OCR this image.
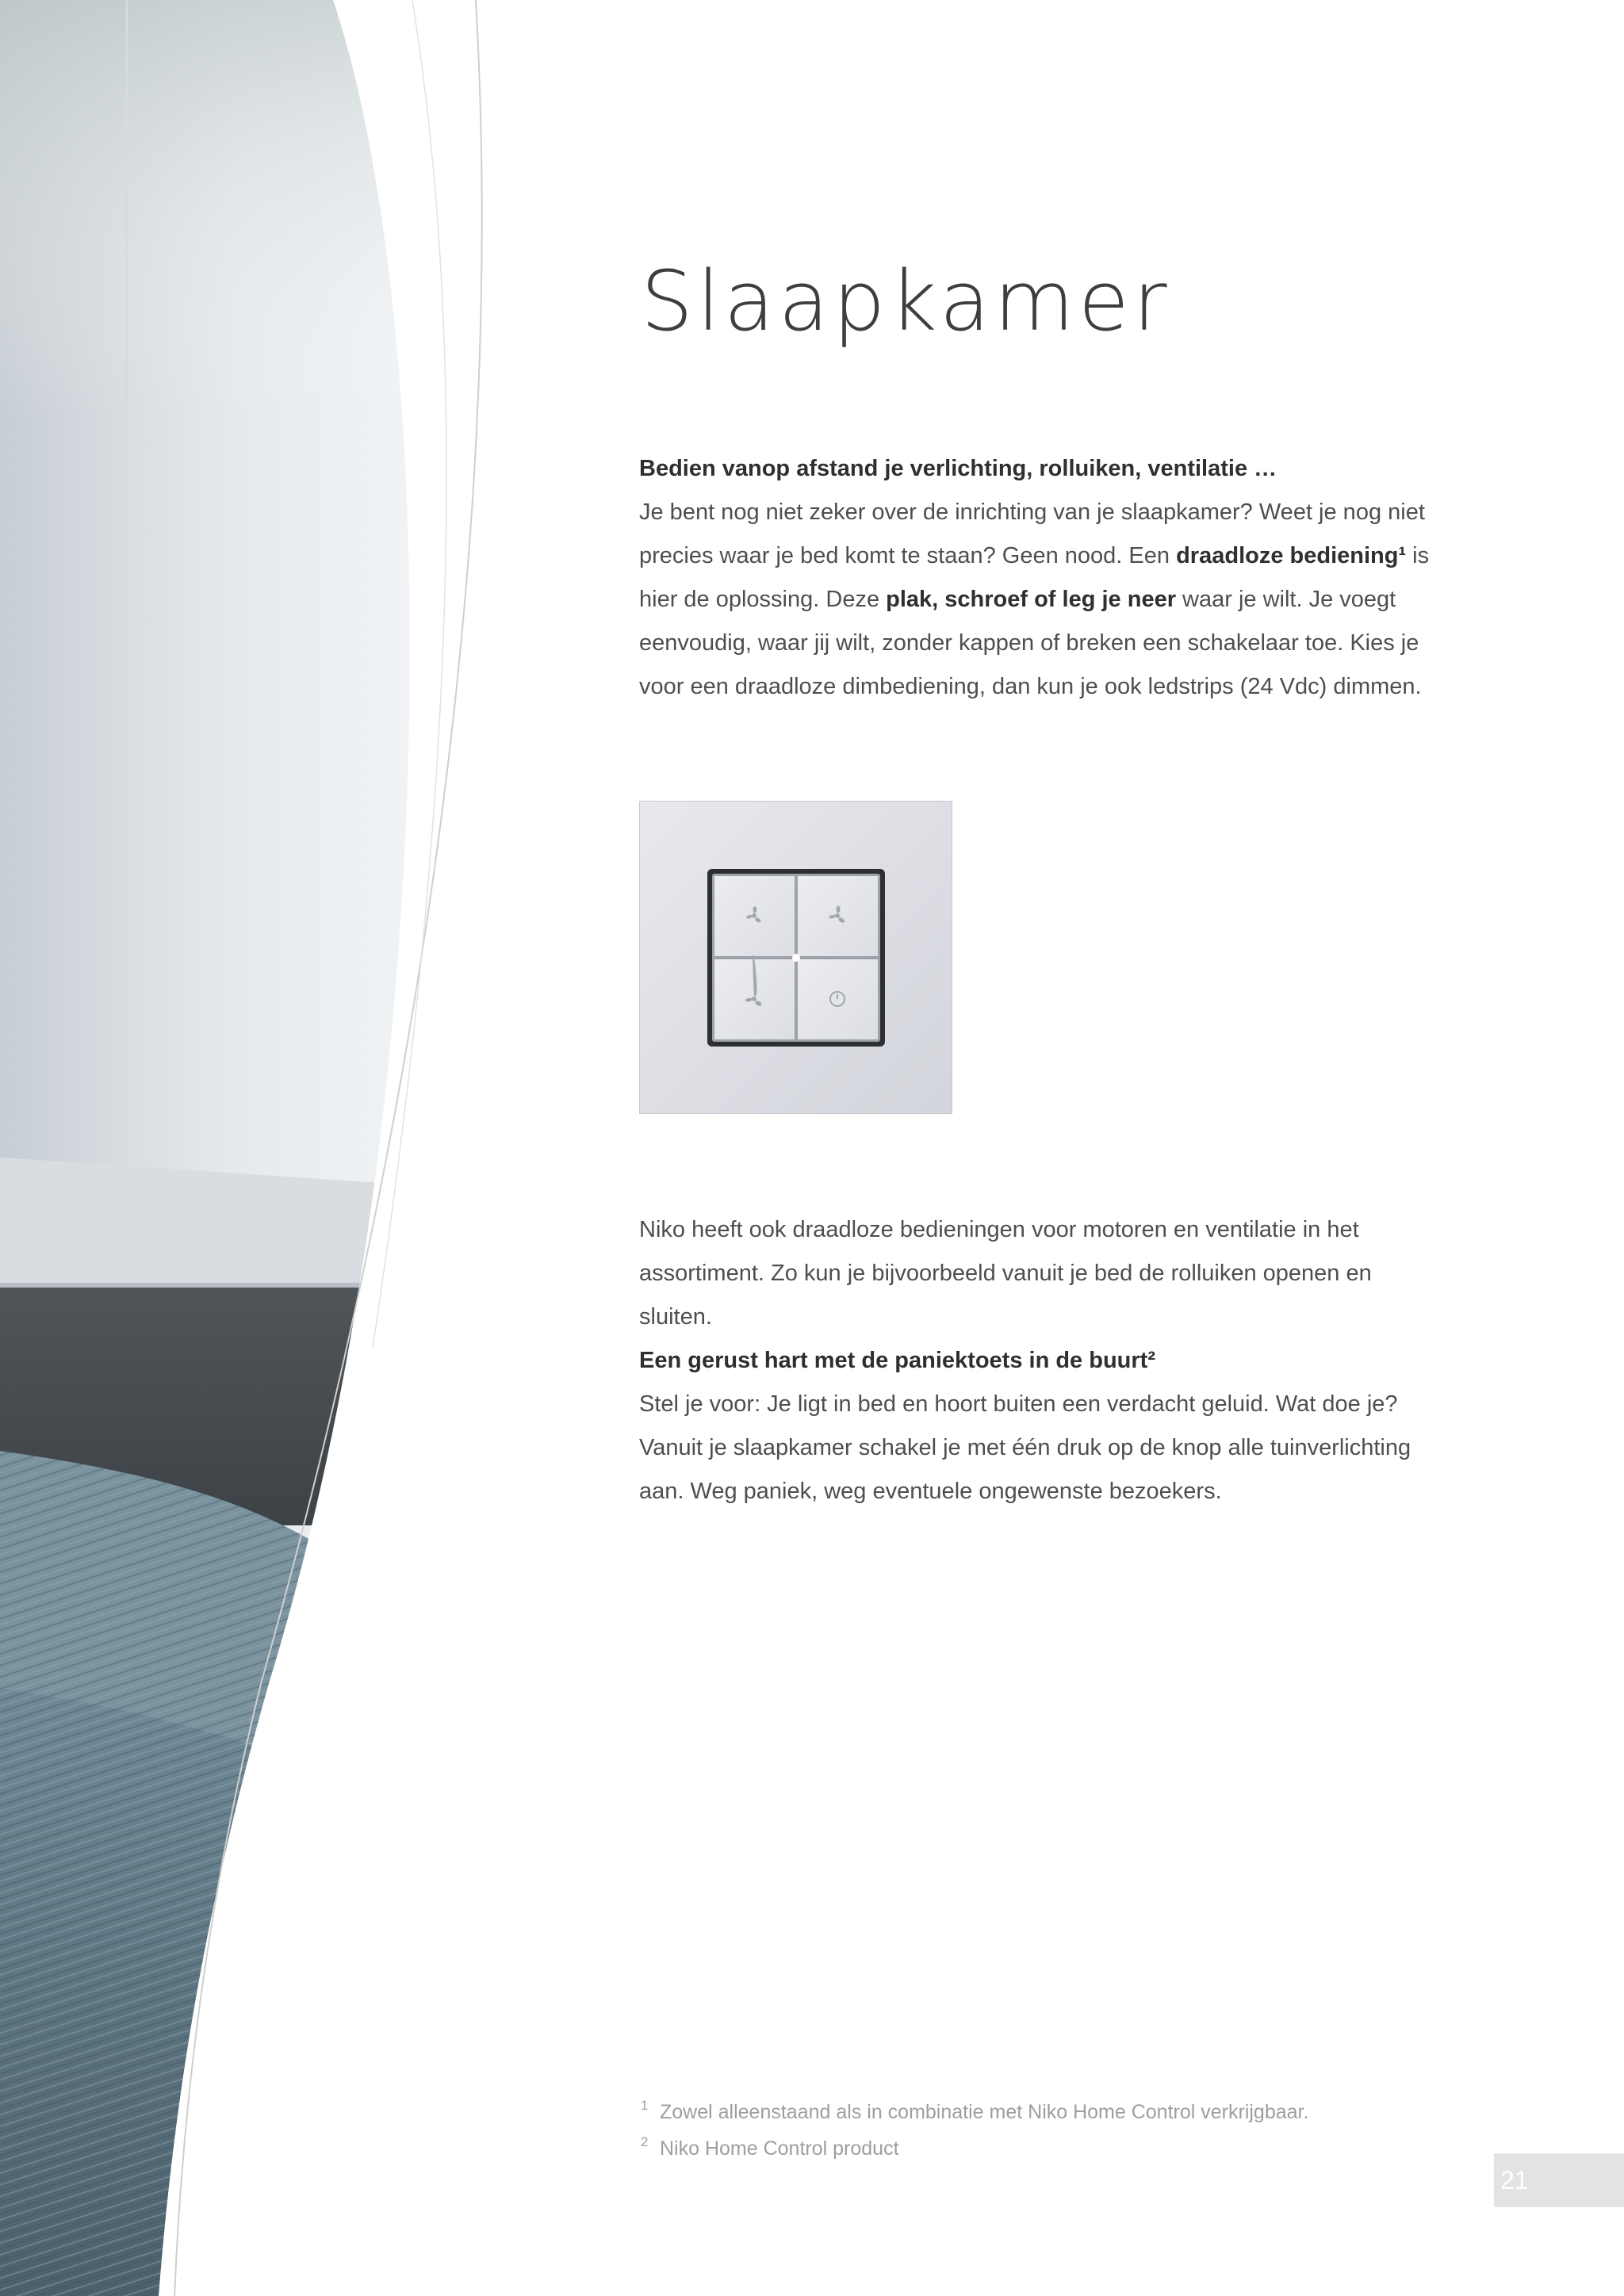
Slaapkamer

Bedien vanop afstand je verlichting, rolluiken, ventilatie …

Je bent nog niet zeker over de inrichting van je slaapkamer? Weet je nog niet precies waar je bed komt te staan? Geen nood. Een draadloze bediening¹ is hier de oplossing. Deze plak, schroef of leg je neer waar je wilt. Je voegt eenvoudig, waar jij wilt, zonder kappen of breken een schakelaar toe. Kies je voor een draadloze dimbediening, dan kun je ook ledstrips (24 Vdc) dimmen.

Niko heeft ook draadloze bedieningen voor motoren en ventilatie in het assortiment. Zo kun je bijvoorbeeld vanuit je bed de rolluiken openen en sluiten.

Een gerust hart met de paniektoets in de buurt²

Stel je voor: Je ligt in bed en hoort buiten een verdacht geluid. Wat doe je? Vanuit je slaapkamer schakel je met één druk op de knop alle tuinverlichting aan. Weg paniek, weg eventuele ongewenste bezoekers.

1 Zowel alleenstaand als in combinatie met Niko Home Control verkrijgbaar.
2 Niko Home Control product
21
